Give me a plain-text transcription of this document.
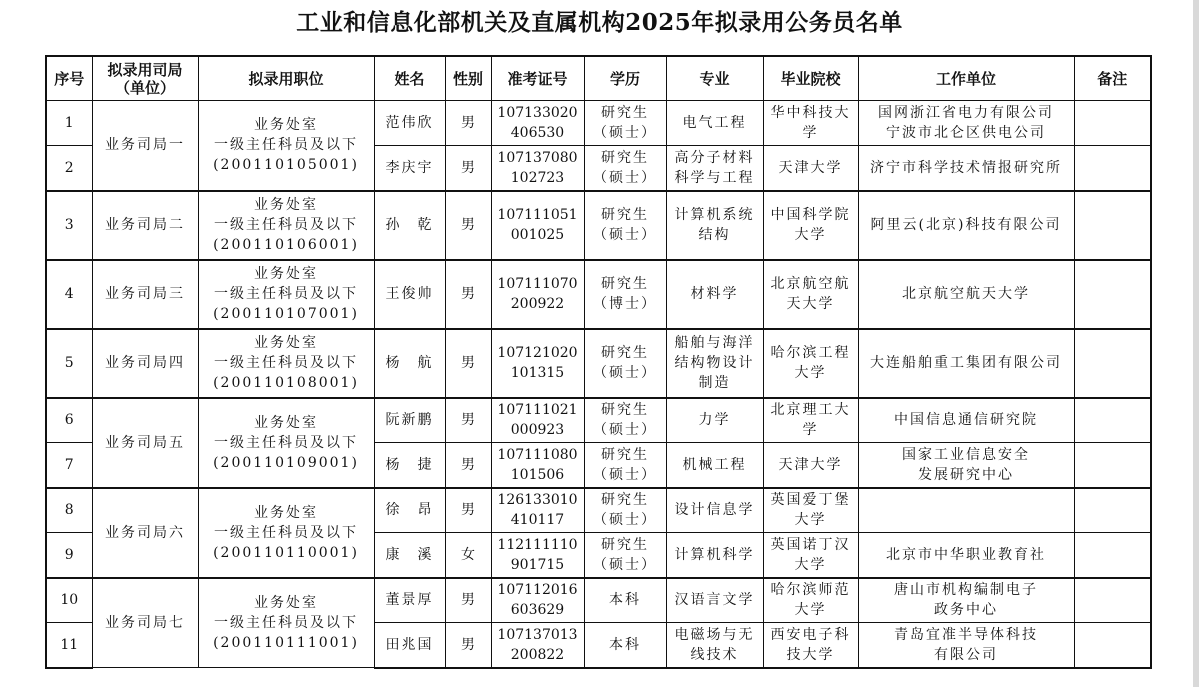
工业和信息化部机关及直属机构2025年拟录用公务员名单
序号	拟录用司局
（单位）	拟录用职位	姓名	性别	准考证号	学历	专业	毕业院校	工作单位	备注
1	业务司局一	业务处室
一级主任科员及以下
(200110105001)	范伟欣	男	107133020
406530	研究生
（硕士）	电气工程	华中科技大
学	国网浙江省电力有限公司
宁波市北仑区供电公司	
2			李庆宇	男	107137080
102723	研究生
（硕士）	高分子材料
科学与工程	天津大学	济宁市科学技术情报研究所	
3	业务司局二	业务处室
一级主任科员及以下
(200110106001)	孙　乾	男	107111051
001025	研究生
（硕士）	计算机系统
结构	中国科学院
大学	阿里云(北京)科技有限公司	
4	业务司局三	业务处室
一级主任科员及以下
(200110107001)	王俊帅	男	107111070
200922	研究生
（博士）	材料学	北京航空航
天大学	北京航空航天大学	
5	业务司局四	业务处室
一级主任科员及以下
(200110108001)	杨　航	男	107121020
101315	研究生
（硕士）	船舶与海洋
结构物设计
制造	哈尔滨工程
大学	大连船舶重工集团有限公司	
6	业务司局五	业务处室
一级主任科员及以下
(200110109001)	阮新鹏	男	107111021
000923	研究生
（硕士）	力学	北京理工大
学	中国信息通信研究院	
7			杨　捷	男	107111080
101506	研究生
（硕士）	机械工程	天津大学	国家工业信息安全
发展研究中心	
8	业务司局六	业务处室
一级主任科员及以下
(200110110001)	徐　昂	男	126133010
410117	研究生
（硕士）	设计信息学	英国爱丁堡
大学		
9			康　溪	女	112111110
901715	研究生
（硕士）	计算机科学	英国诺丁汉
大学	北京市中华职业教育社	
10	业务司局七	业务处室
一级主任科员及以下
(200110111001)	董景厚	男	107112016
603629	本科	汉语言文学	哈尔滨师范
大学	唐山市机构编制电子
政务中心	
11			田兆国	男	107137013
200822	本科	电磁场与无
线技术	西安电子科
技大学	青岛宜准半导体科技
有限公司	
